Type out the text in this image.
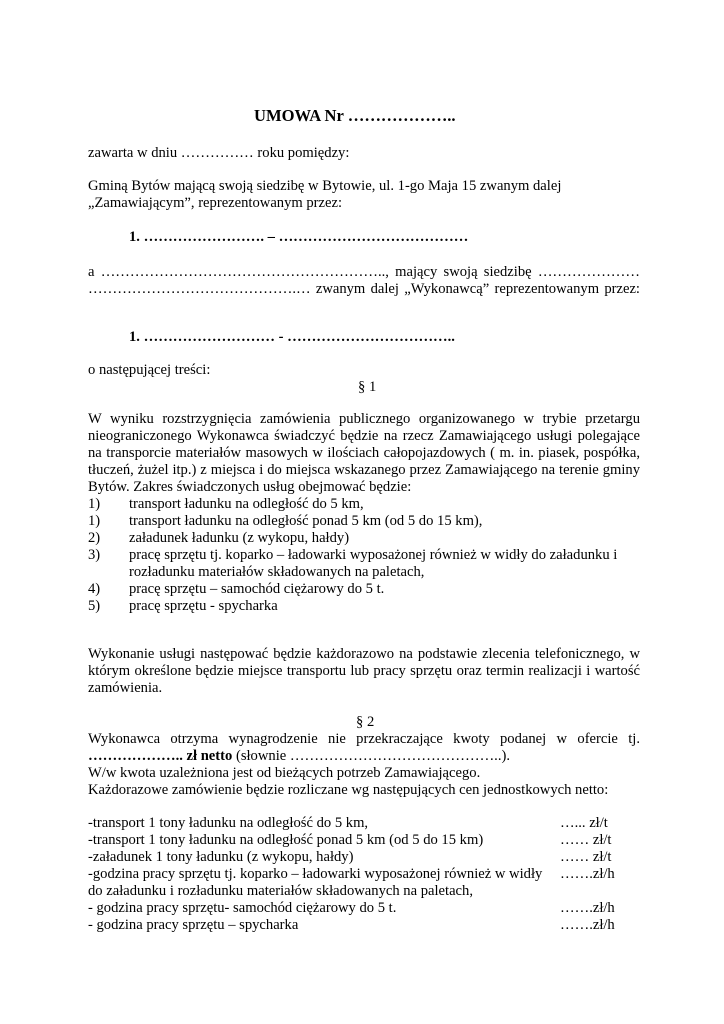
UMOWA Nr ………………..
zawarta w dniu …………… roku pomiędzy:
Gminą Bytów mającą swoją siedzibę w Bytowie, ul. 1-go Maja 15 zwanym dalej
„Zamawiającym”, reprezentowanym przez:
1. ……………………. – …………………………………
a ………………………………………………….., mający swoją siedzibę …………………
…………………………………….… zwanym dalej „Wykonawcą” reprezentowanym przez:
1. ……………………… - ……………………………..
o następującej treści:
§ 1
W wyniku rozstrzygnięcia zamówienia publicznego organizowanego w trybie przetargu
nieograniczonego Wykonawca świadczyć będzie na rzecz Zamawiającego usługi polegające
na transporcie materiałów masowych w ilościach całopojazdowych ( m. in. piasek, pospółka,
tłuczeń, żużel itp.) z miejsca i do miejsca wskazanego przez Zamawiającego na terenie gminy
Bytów. Zakres świadczonych usług obejmować będzie:
1) transport ładunku na odległość do 5 km,
1) transport ładunku na odległość ponad 5 km (od 5 do 15 km),
2) załadunek ładunku (z wykopu, hałdy)
3) pracę sprzętu tj. koparko – ładowarki wyposażonej również w widły do załadunku i
rozładunku materiałów składowanych na paletach,
4) pracę sprzętu – samochód ciężarowy do 5 t.
5) pracę sprzętu - spycharka
Wykonanie usługi następować będzie każdorazowo na podstawie zlecenia telefonicznego, w
którym określone będzie miejsce transportu lub pracy sprzętu oraz termin realizacji i wartość
zamówienia.
§ 2
Wykonawca otrzyma wynagrodzenie nie przekraczające kwoty podanej w ofercie tj.
……………….. zł netto (słownie ……………………………………..).
W/w kwota uzależniona jest od bieżących potrzeb Zamawiającego.
Każdorazowe zamówienie będzie rozliczane wg następujących cen jednostkowych netto:
-transport 1 tony ładunku na odległość do 5 km,	…... zł/t
-transport 1 tony ładunku na odległość ponad 5 km (od 5 do 15 km)	…… zł/t
-załadunek 1 tony ładunku (z wykopu, hałdy)	…… zł/t
-godzina pracy sprzętu tj. koparko – ładowarki wyposażonej również w widły …….zł/h
do załadunku i rozładunku materiałów składowanych na paletach,
- godzina pracy sprzętu- samochód ciężarowy do 5 t.	…….zł/h
- godzina pracy sprzętu – spycharka	…….zł/h
